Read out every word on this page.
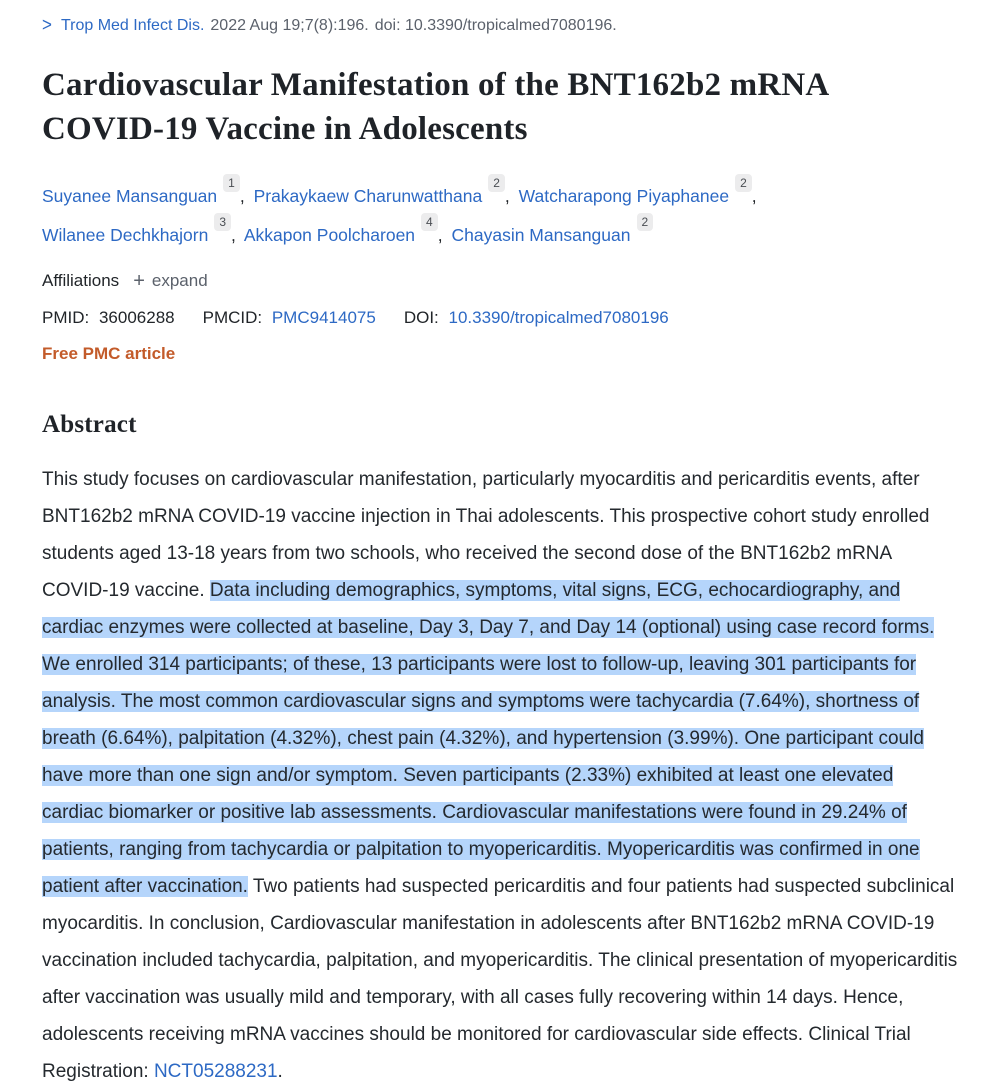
> Trop Med Infect Dis. 2022 Aug 19;7(8):196. doi: 10.3390/tropicalmed7080196.
Cardiovascular Manifestation of the BNT162b2 mRNA COVID-19 Vaccine in Adolescents
Suyanee Mansanguan$^1$, Prakaykaew Charunwatthana$^2$, Watcharapong Piyaphanee$^2$, Wilanee Dechkhajorn$^3$, Akkapon Poolcharoen$^4$, Chayasin Mansanguan$^2$
Affiliations + expand
PMID: 36006288 PMCID: PMC9414075 DOI: 10.3390/tropicalmed7080196
Free PMC article
Abstract

This study focuses on cardiovascular manifestation, particularly myocarditis and pericarditis events, after BNT162b2 mRNA COVID-19 vaccine injection in Thai adolescents. This prospective cohort study enrolled students aged 13-18 years from two schools, who received the second dose of the BNT162b2 mRNA COVID-19 vaccine. Data including demographics, symptoms, vital signs, ECG, echocardiography, and cardiac enzymes were collected at baseline, Day 3, Day 7, and Day 14 (optional) using case record forms. We enrolled 314 participants; of these, 13 participants were lost to follow-up, leaving 301 participants for analysis. The most common cardiovascular signs and symptoms were tachycardia (7.64%), shortness of breath (6.64%), palpitation (4.32%), chest pain (4.32%), and hypertension (3.99%). One participant could have more than one sign and/or symptom. Seven participants (2.33%) exhibited at least one elevated cardiac biomarker or positive lab assessments. Cardiovascular manifestations were found in 29.24% of patients, ranging from tachycardia or palpitation to myopericarditis. Myopericarditis was confirmed in one patient after vaccination. Two patients had suspected pericarditis and four patients had suspected subclinical myocarditis. In conclusion, Cardiovascular manifestation in adolescents after BNT162b2 mRNA COVID-19 vaccination included tachycardia, palpitation, and myopericarditis. The clinical presentation of myopericarditis after vaccination was usually mild and temporary, with all cases fully recovering within 14 days. Hence, adolescents receiving mRNA vaccines should be monitored for cardiovascular side effects. Clinical Trial Registration: NCT05288231.
